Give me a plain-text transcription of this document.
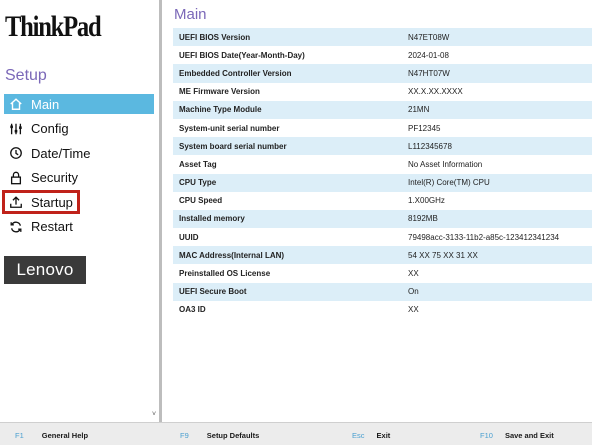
ThinkPad
Setup
Main
Config
Date/Time
Security
Startup
Restart
Lenovo
˅
Main
UEFI BIOS Version	N47ET08W
UEFI BIOS Date(Year-Month-Day)	2024-01-08
Embedded Controller Version	N47HT07W
ME Firmware Version	XX.X.XX.XXXX
Machine Type Module	21MN
System-unit serial number	PF12345
System board serial number	L112345678
Asset Tag	No Asset Information
CPU Type	Intel(R) Core(TM) CPU
CPU Speed	1.X00GHz
Installed memory	8192MB
UUID	79498acc-3133-11b2-a85c-123412341234
MAC Address(Internal LAN)	54 XX 75 XX 31 XX
Preinstalled OS License	XX
UEFI Secure Boot	On
OA3 ID	XX
F1 General Help	F9 Setup Defaults	Esc Exit	F10 Save and Exit
